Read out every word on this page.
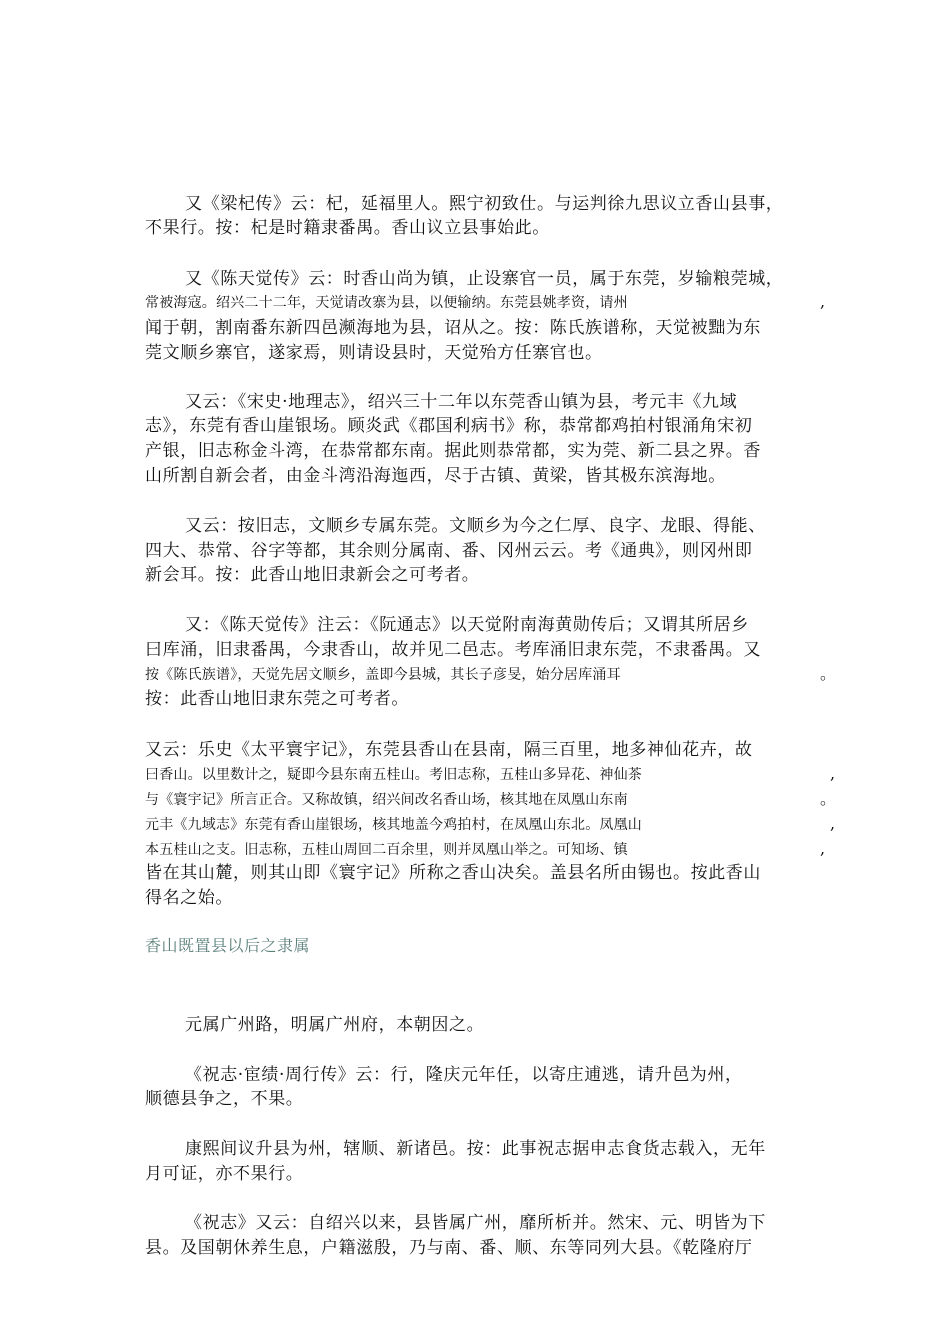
又《梁杞传》云：杞，延福里人。熙宁初致仕。与运判徐九思议立香山县事，

不果行。按：杞是时籍隶番禺。香山议立县事始此。

又《陈天觉传》云：时香山尚为镇，止设寨官一员，属于东莞，岁输粮莞城，

常被海寇。绍兴二十二年，天觉请改寨为县，以便输纳。东莞县姚孝资，请州	,

闻于朝，割南番东新四邑濒海地为县，诏从之。按：陈氏族谱称，天觉被黜为东

莞文顺乡寨官，遂家焉，则请设县时，天觉殆方任寨官也。

又云：《宋史·地理志》，绍兴三十二年以东莞香山镇为县，考元丰《九域

志》，东莞有香山崖银场。顾炎武《郡国利病书》称，恭常都鸡拍村银涌角宋初

产银，旧志称金斗湾，在恭常都东南。据此则恭常都，实为莞、新二县之界。香

山所割自新会者，由金斗湾沿海迤西，尽于古镇、黄梁，皆其极东滨海地。

又云：按旧志，文顺乡专属东莞。文顺乡为今之仁厚、良字、龙眼、得能、

四大、恭常、谷字等都，其余则分属南、番、冈州云云。考《通典》，则冈州即

新会耳。按：此香山地旧隶新会之可考者。

又：《陈天觉传》注云：《阮通志》以天觉附南海黄勋传后；又谓其所居乡

曰库涌，旧隶番禺，今隶香山，故并见二邑志。考库涌旧隶东莞，不隶番禺。又

按《陈氏族谱》，天觉先居文顺乡，盖即今县城，其长子彦旻，始分居库涌耳	。

按：此香山地旧隶东莞之可考者。

又云：乐史《太平寰宇记》，东莞县香山在县南，隔三百里，地多神仙花卉，故

曰香山。以里数计之，疑即今县东南五桂山。考旧志称，五桂山多异花、神仙茶	,

与《寰宇记》所言正合。又称故镇，绍兴间改名香山场，核其地在凤凰山东南	。

元丰《九域志》东莞有香山崖银场，核其地盖今鸡拍村，在凤凰山东北。凤凰山	,

本五桂山之支。旧志称，五桂山周回二百余里，则并凤凰山举之。可知场、镇	,

皆在其山麓，则其山即《寰宇记》所称之香山决矣。盖县名所由锡也。按此香山

得名之始。

香山既置县以后之隶属

元属广州路，明属广州府，本朝因之。

《祝志·宦绩·周行传》云：行，隆庆元年任，以寄庄逋逃，请升邑为州，

顺德县争之，不果。

康熙间议升县为州，辖顺、新诸邑。按：此事祝志据申志食货志载入，无年

月可证，亦不果行。

《祝志》又云：自绍兴以来，县皆属广州，靡所析并。然宋、元、明皆为下

县。及国朝休养生息，户籍滋殷，乃与南、番、顺、东等同列大县。《乾隆府厅
